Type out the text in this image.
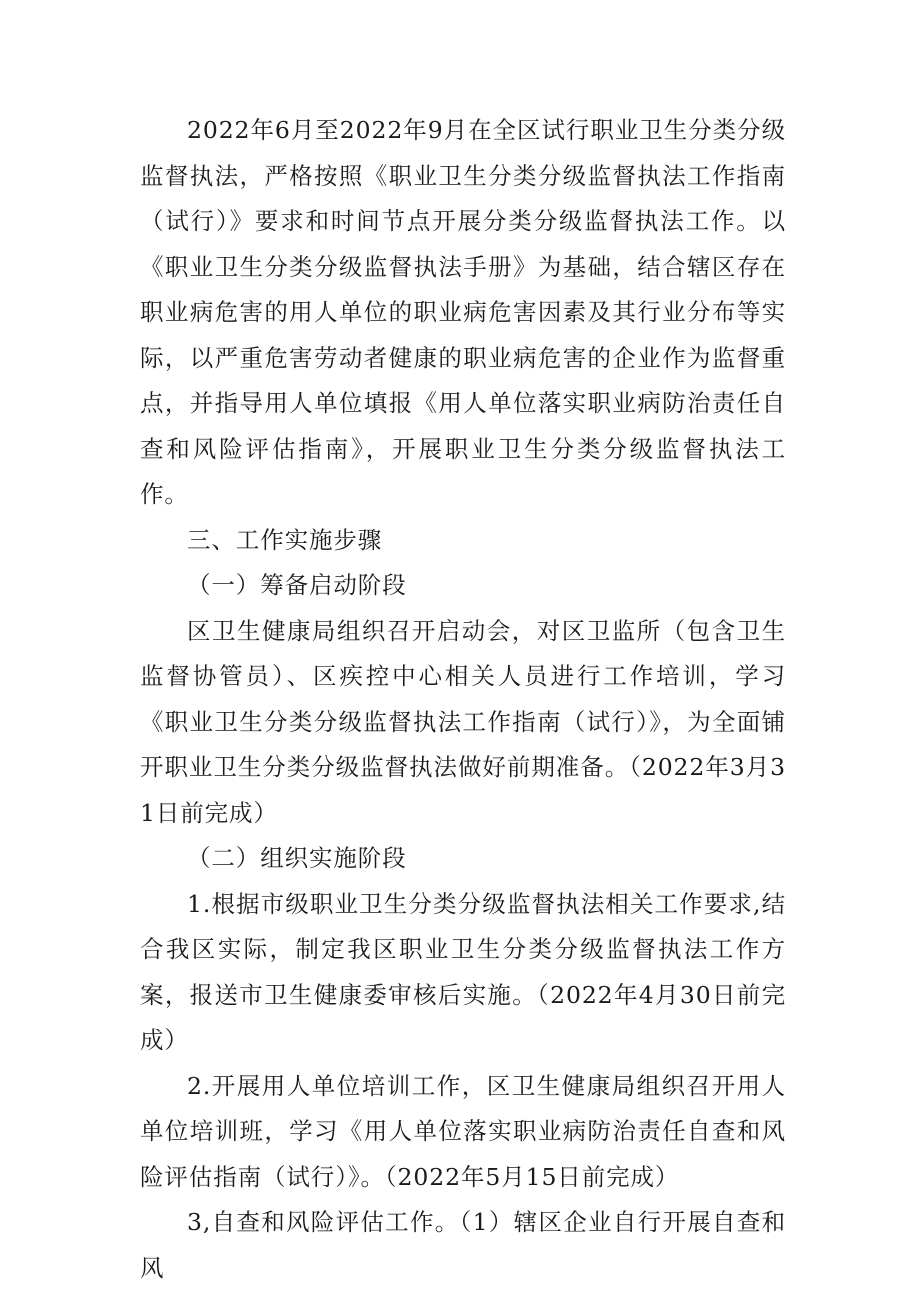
2022年6月至2022年9月在全区试行职业卫生分类分级监督执法，严格按照《职业卫生分类分级监督执法工作指南（试行）》要求和时间节点开展分类分级监督执法工作。以《职业卫生分类分级监督执法手册》为基础，结合辖区存在职业病危害的用人单位的职业病危害因素及其行业分布等实际，以严重危害劳动者健康的职业病危害的企业作为监督重点，并指导用人单位填报《用人单位落实职业病防治责任自查和风险评估指南》，开展职业卫生分类分级监督执法工作。

三、工作实施步骤

（一）筹备启动阶段

区卫生健康局组织召开启动会，对区卫监所（包含卫生监督协管员）、区疾控中心相关人员进行工作培训，学习《职业卫生分类分级监督执法工作指南（试行）》，为全面铺开职业卫生分类分级监督执法做好前期准备。（2022年3月31日前完成）

（二）组织实施阶段

1.根据市级职业卫生分类分级监督执法相关工作要求,结合我区实际，制定我区职业卫生分类分级监督执法工作方案，报送市卫生健康委审核后实施。（2022年4月30日前完成）

2.开展用人单位培训工作，区卫生健康局组织召开用人单位培训班，学习《用人单位落实职业病防治责任自查和风险评估指南（试行）》。（2022年5月15日前完成）

3,自查和风险评估工作。（1）辖区企业自行开展自查和风
